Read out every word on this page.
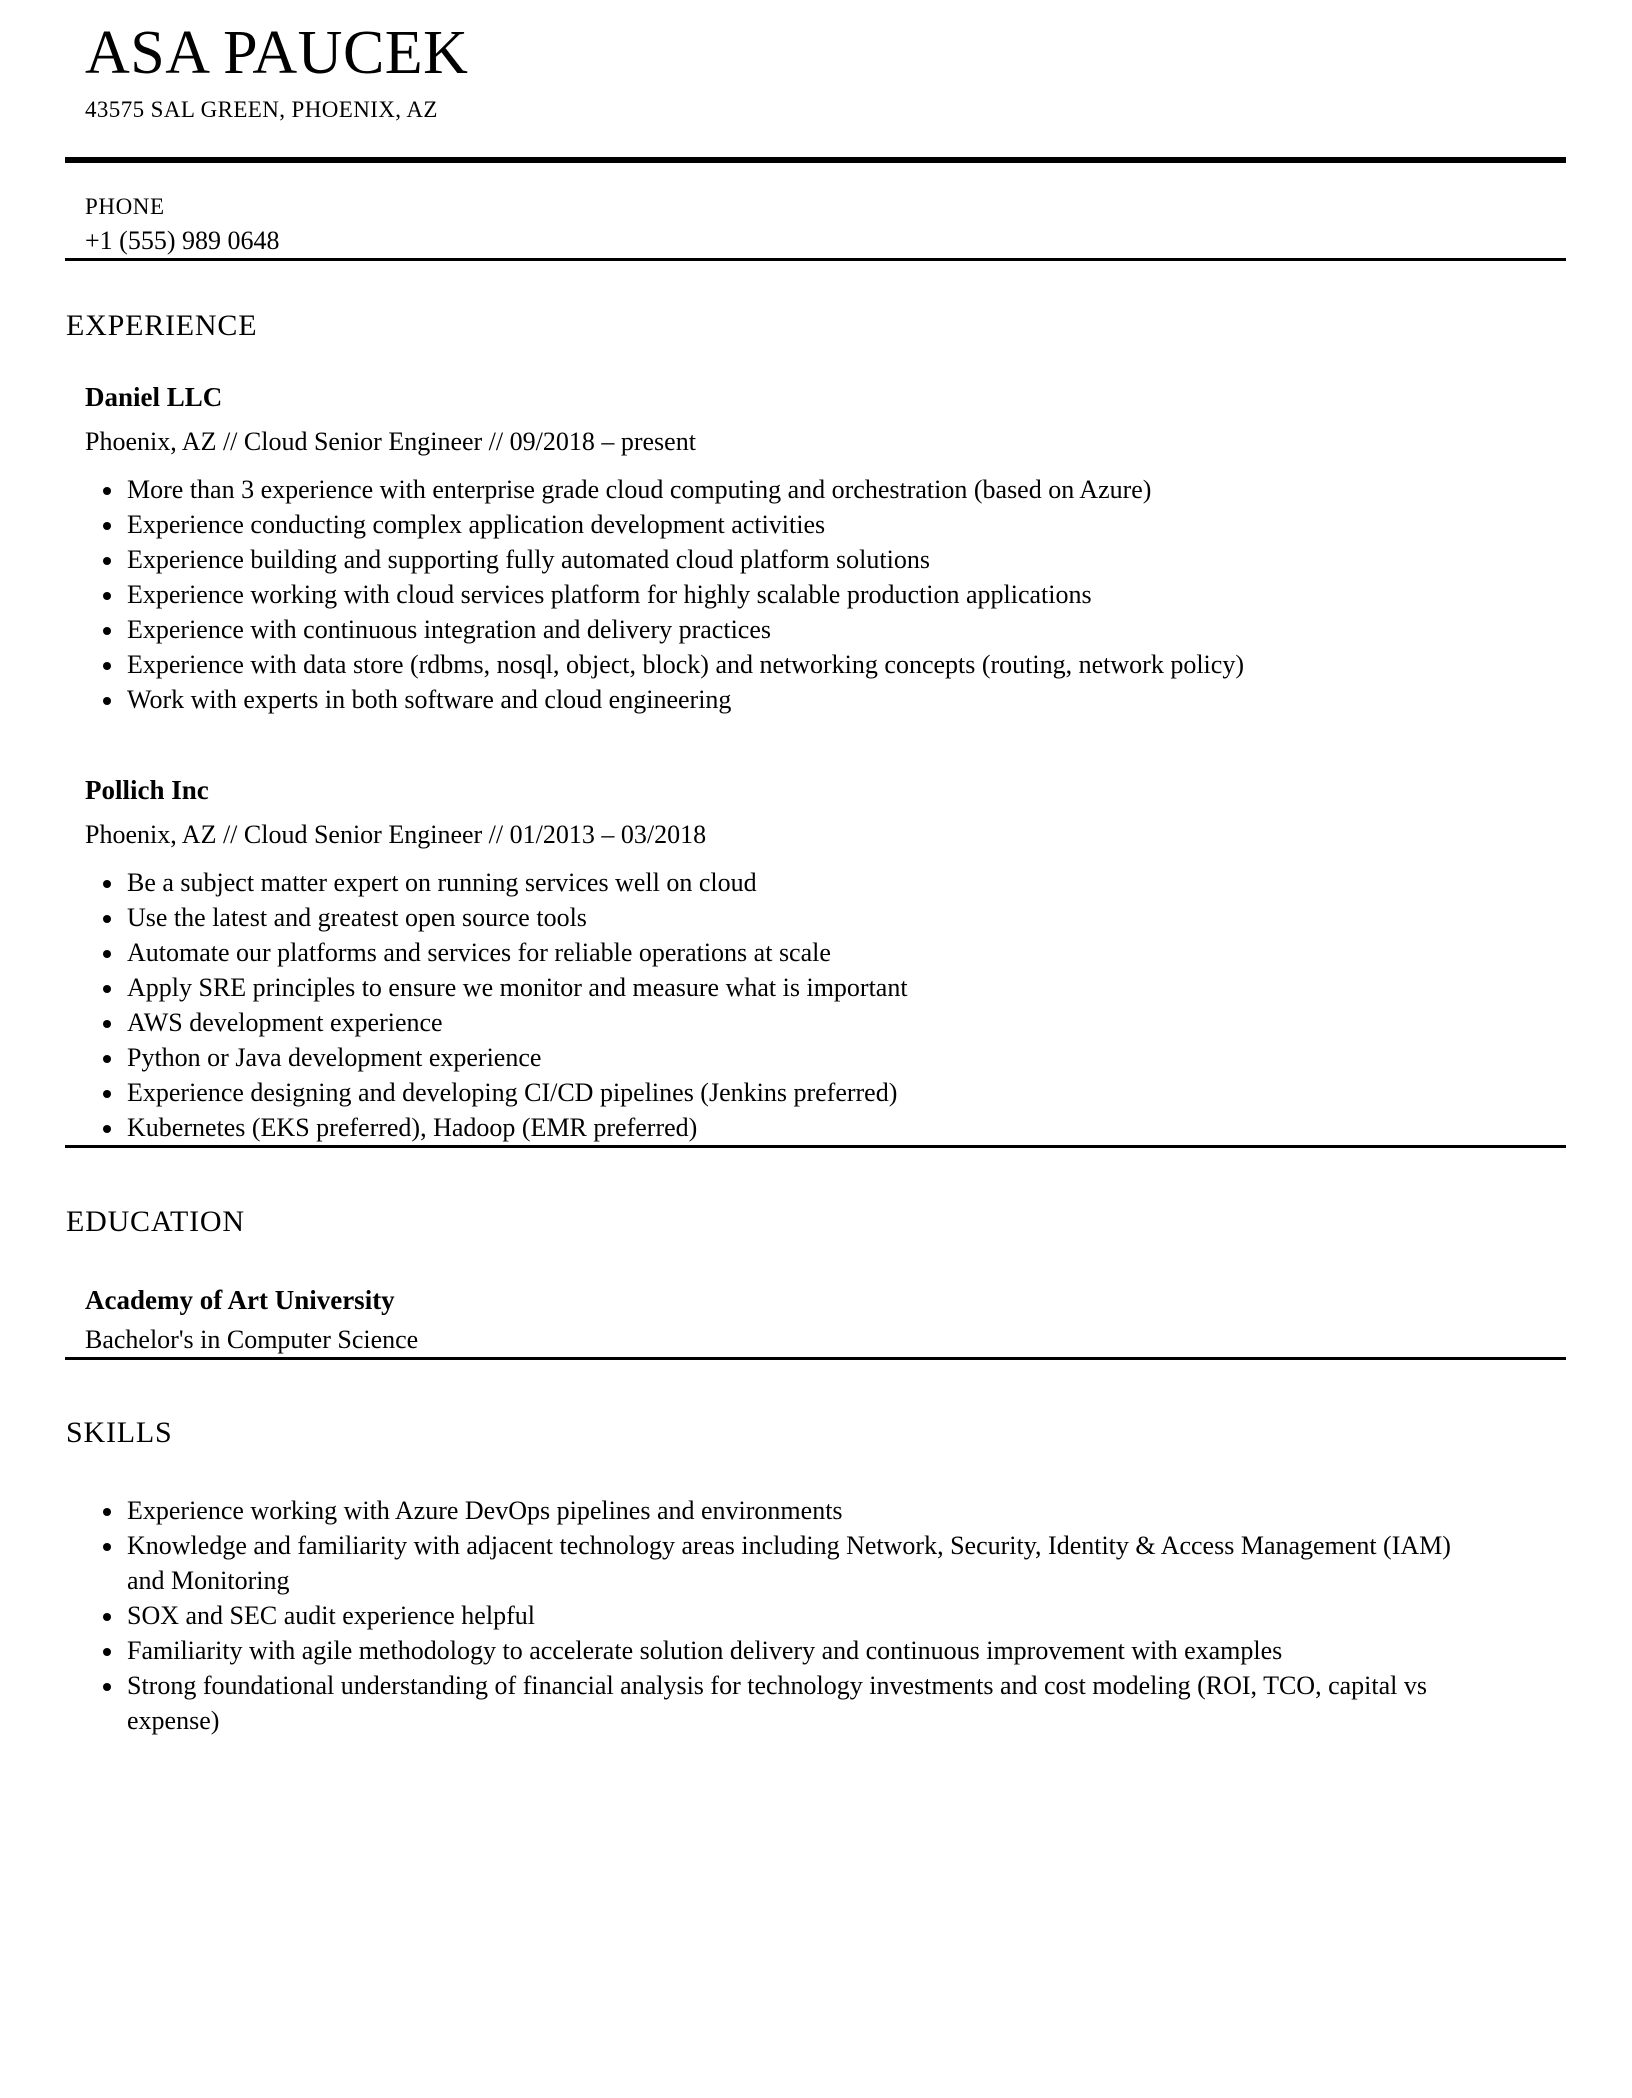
ASA PAUCEK
43575 SAL GREEN, PHOENIX, AZ
PHONE
+1 (555) 989 0648
EXPERIENCE
Daniel LLC
Phoenix, AZ // Cloud Senior Engineer // 09/2018 – present
• More than 3 experience with enterprise grade cloud computing and orchestration (based on Azure)
• Experience conducting complex application development activities
• Experience building and supporting fully automated cloud platform solutions
• Experience working with cloud services platform for highly scalable production applications
• Experience with continuous integration and delivery practices
• Experience with data store (rdbms, nosql, object, block) and networking concepts (routing, network policy)
• Work with experts in both software and cloud engineering
Pollich Inc
Phoenix, AZ // Cloud Senior Engineer // 01/2013 – 03/2018
• Be a subject matter expert on running services well on cloud
• Use the latest and greatest open source tools
• Automate our platforms and services for reliable operations at scale
• Apply SRE principles to ensure we monitor and measure what is important
• AWS development experience
• Python or Java development experience
• Experience designing and developing CI/CD pipelines (Jenkins preferred)
• Kubernetes (EKS preferred), Hadoop (EMR preferred)
EDUCATION
Academy of Art University
Bachelor's in Computer Science
SKILLS
• Experience working with Azure DevOps pipelines and environments
• Knowledge and familiarity with adjacent technology areas including Network, Security, Identity & Access Management (IAM) and Monitoring
• SOX and SEC audit experience helpful
• Familiarity with agile methodology to accelerate solution delivery and continuous improvement with examples
• Strong foundational understanding of financial analysis for technology investments and cost modeling (ROI, TCO, capital vs expense)
